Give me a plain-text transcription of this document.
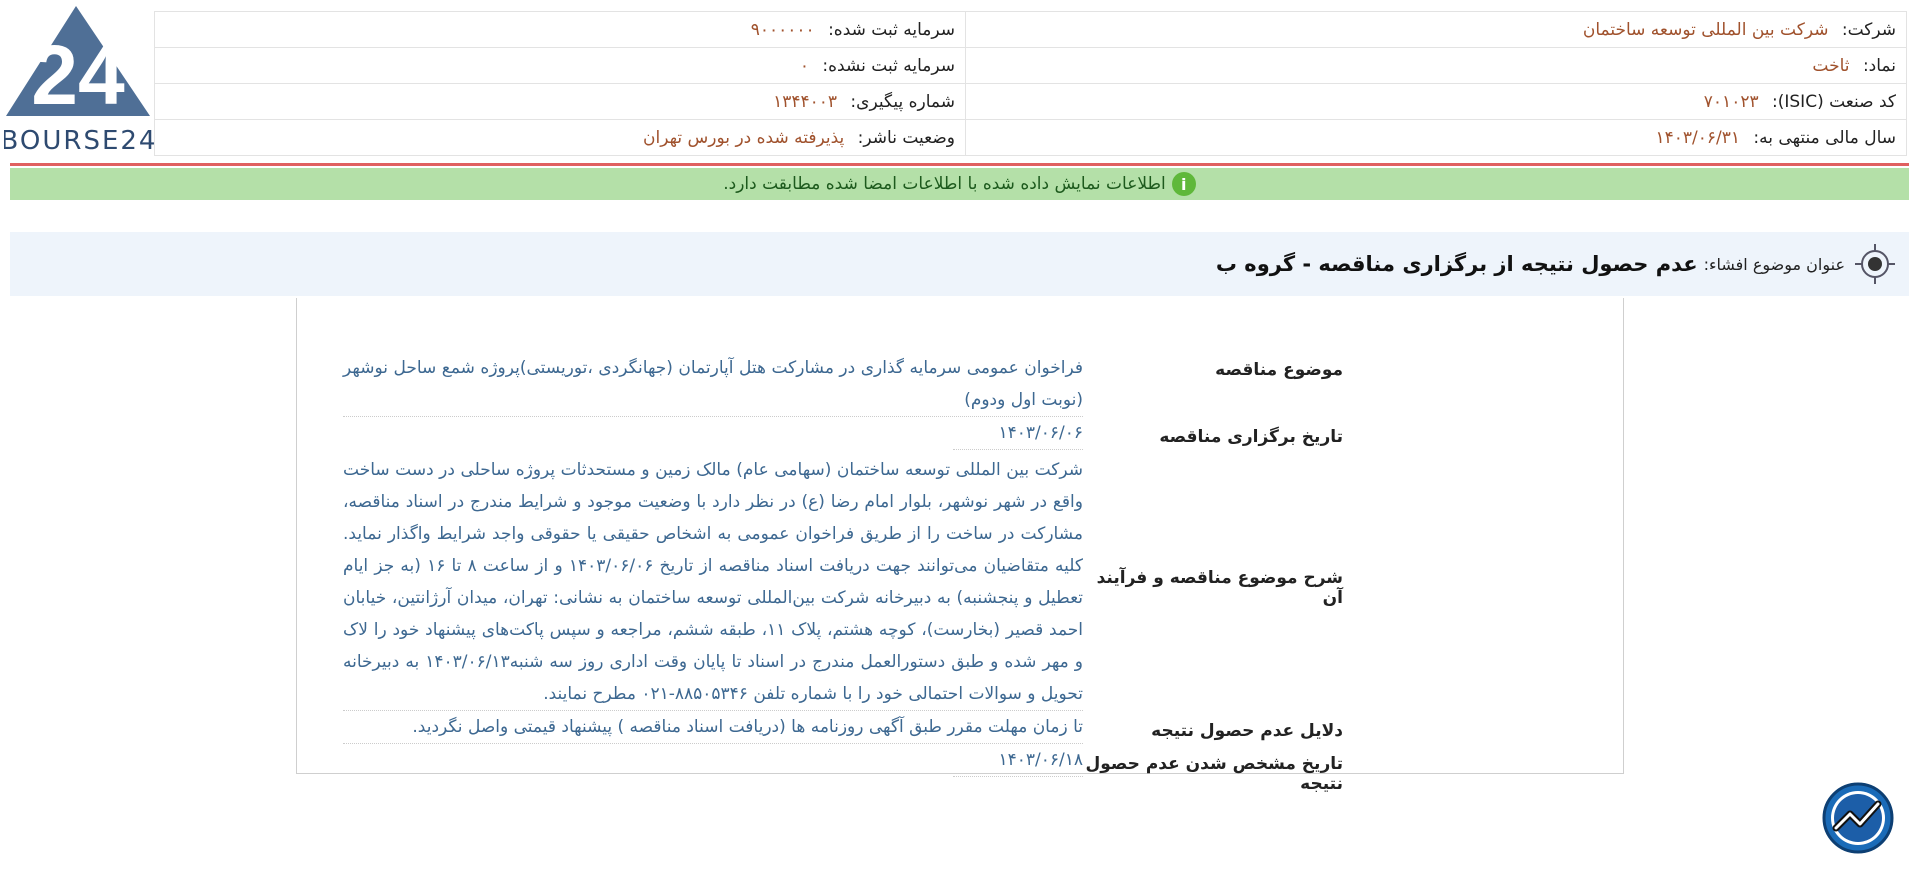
24
BOURSE24
شرکت: شرکت بین المللی توسعه ساختمان	سرمایه ثبت شده: ۹۰۰۰۰۰۰
نماد: ثاخت	سرمایه ثبت نشده: ۰
کد صنعت (ISIC): ۷۰۱۰۲۳	شماره پیگیری: ۱۳۴۴۰۰۳
سال مالی منتهی به: ۱۴۰۳/۰۶/۳۱	وضعیت ناشر: پذیرفته شده در بورس تهران
i
اطلاعات نمایش داده شده با اطلاعات امضا شده مطابقت دارد.
عنوان موضوع افشاء:
عدم حصول نتیجه از برگزاری مناقصه - گروه ب
موضوع مناقصه
فراخوان عمومی سرمایه گذاری در مشارکت هتل آپارتمان (جهانگردی ،توریستی)پروژه شمع ساحل نوشهر (نوبت اول ودوم)
تاریخ برگزاری مناقصه
۱۴۰۳/۰۶/۰۶
شرح موضوع مناقصه و فرآیند آن
شرکت بین المللی توسعه ساختمان (سهامی عام) مالک زمین و مستحدثات پروژه ساحلی در دست ساخت واقع در شهر نوشهر، بلوار امام رضا (ع) در نظر دارد با وضعیت موجود و شرایط مندرج در اسناد مناقصه، مشارکت در ساخت را از طریق فراخوان عمومی به اشخاص حقیقی یا حقوقی واجد شرایط واگذار نماید. کلیه متقاضیان می‌توانند جهت دریافت اسناد مناقصه از تاریخ ۱۴۰۳/۰۶/۰۶ و از ساعت ۸ تا ۱۶ (به جز ایام تعطیل و پنجشنبه) به دبیرخانه شرکت بین‌المللی توسعه ساختمان به نشانی: تهران، میدان آرژانتین، خیابان احمد قصیر (بخارست)، کوچه هشتم، پلاک ۱۱، طبقه ششم، مراجعه و سپس پاکت‌های پیشنهاد خود را لاک و مهر شده و طبق دستورالعمل مندرج در اسناد تا پایان وقت اداری روز سه شنبه۱۴۰۳/۰۶/۱۳ به دبیرخانه تحویل و سوالات احتمالی خود را با شماره تلفن ۸۸۵۰۵۳۴۶-۰۲۱ مطرح نمایند.
دلایل عدم حصول نتیجه
تا زمان مهلت مقرر طبق آگهی روزنامه ها (دریافت اسناد مناقصه ) پیشنهاد قیمتی واصل نگردید.
تاریخ مشخص شدن عدم حصول نتیجه
۱۴۰۳/۰۶/۱۸
